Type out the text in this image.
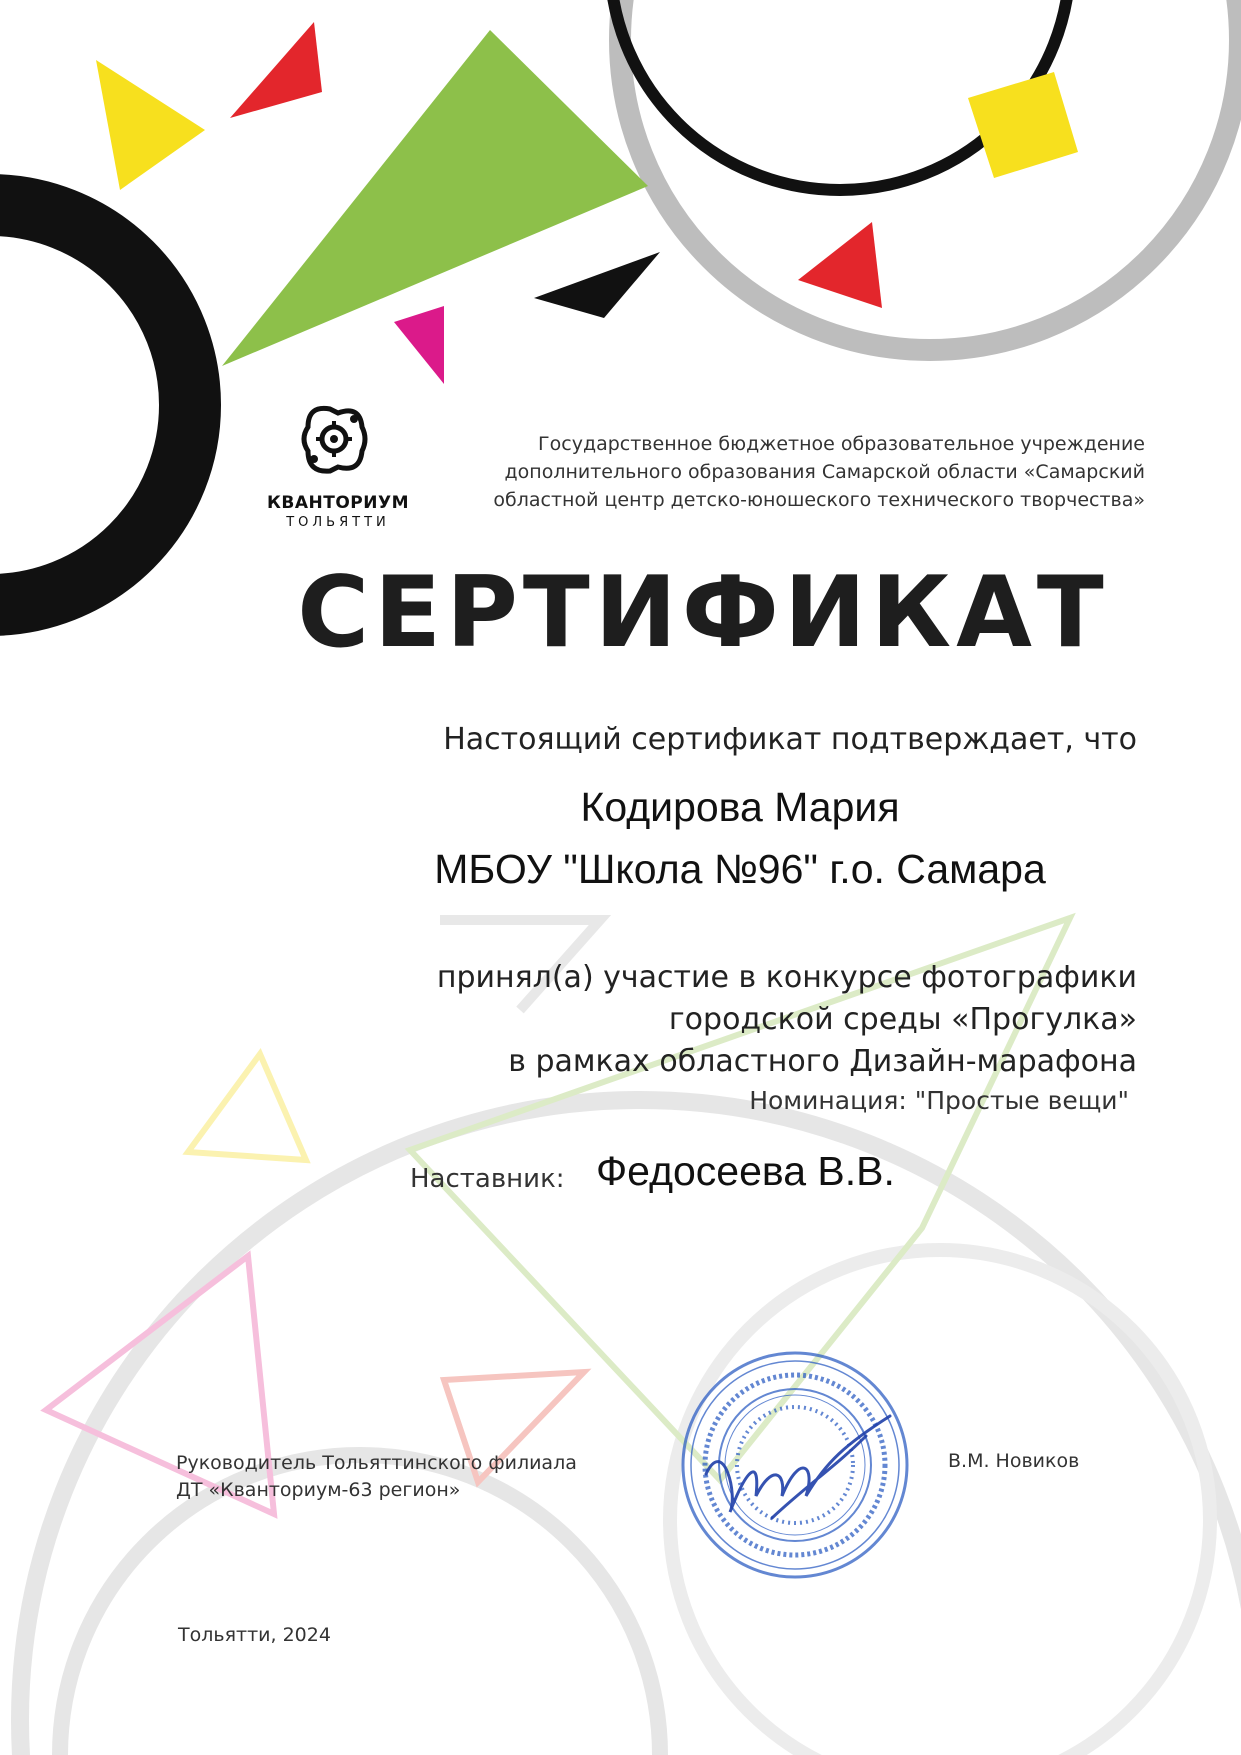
КВАНТОРИУМ
ТОЛЬЯТТИ
Государственное бюджетное образовательное учреждение
дополнительного образования Самарской области «Самарский
областной центр детско-юношеского технического творчества»
СЕРТИФИКАТ
Настоящий сертификат подтверждает, что
Кодирова Мария
МБОУ "Школа №96" г.о. Самара
принял(а) участие в конкурсе фотографики
городской среды «Прогулка»
в рамках областного Дизайн-марафона
Номинация: "Простые вещи"
Наставник: Федосеева В.В.
Руководитель Тольяттинского филиала
ДТ «Кванториум-63 регион»
В.М. Новиков
Тольятти, 2024
